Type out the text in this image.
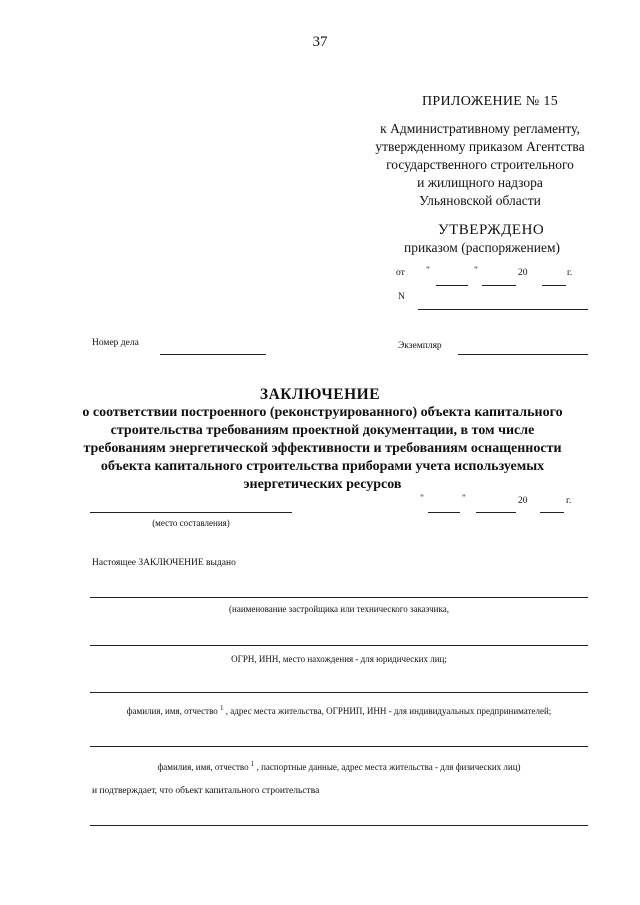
37
ПРИЛОЖЕНИЕ № 15
к Административному регламенту,
утвержденному приказом Агентства
государственного строительного
и жилищного надзора
Ульяновской области
УТВЕРЖДЕНО
приказом (распоряжением)
от "	"	20	г.
N
Номер дела	Экземпляр
ЗАКЛЮЧЕНИЕ
о соответствии построенного (реконструированного) объекта капитального строительства требованиям проектной документации, в том числе требованиям энергетической эффективности и требованиям оснащенности объекта капитального строительства приборами учета используемых энергетических ресурсов
"	"	20	г.
(место составления)
Настоящее ЗАКЛЮЧЕНИЕ выдано
(наименование застройщика или технического заказчика,
ОГРН, ИНН, место нахождения - для юридических лиц;
фамилия, имя, отчество $^1$ , адрес места жительства, ОГРНИП, ИНН - для индивидуальных предпринимателей;
фамилия, имя, отчество $^1$ , паспортные данные, адрес места жительства - для физических лиц)
и подтверждает, что объект капитального строительства
